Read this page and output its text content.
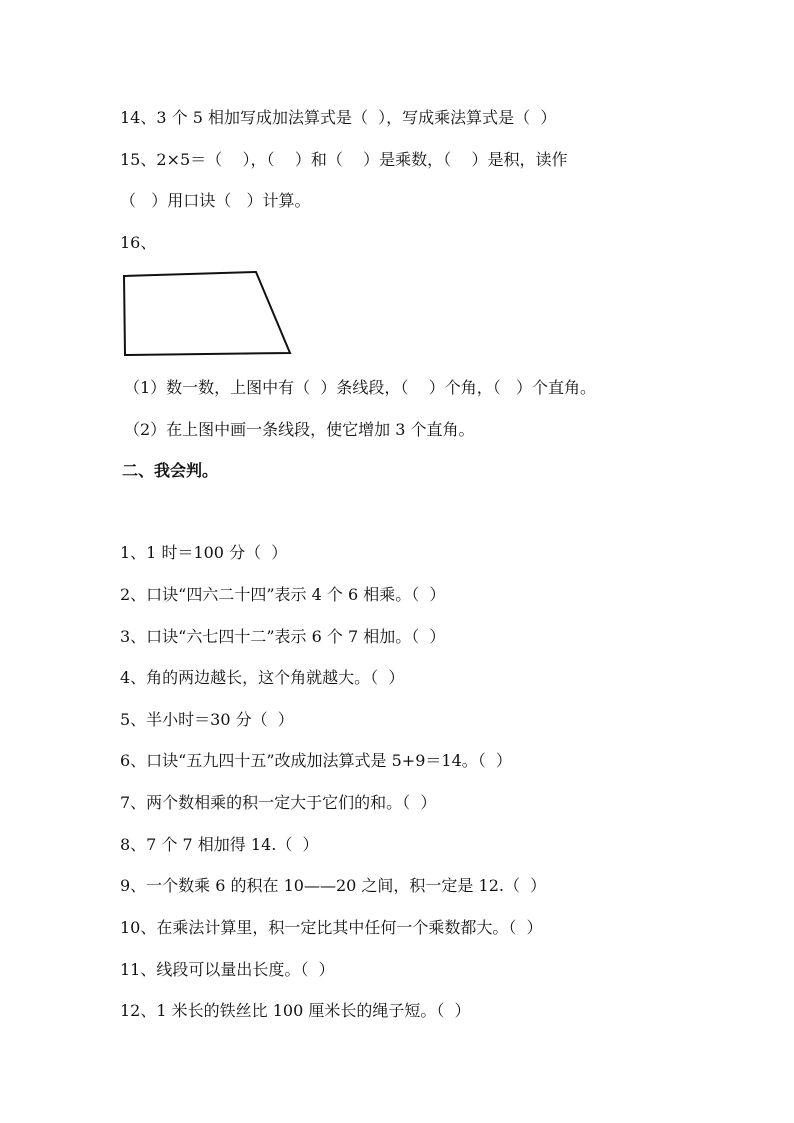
14、3 个 5 相加写成加法算式是（  ），写成乘法算式是（  ）
15、2×5＝（    ），（    ）和（    ）是乘数，（    ）是积，读作
（   ）用口诀（   ）计算。
16、
（1）数一数，上图中有（  ）条线段，（    ）个角，（   ）个直角。
（2）在上图中画一条线段，使它增加 3 个直角。
二、我会判。
1、1 时＝100 分（  ）
2、口诀“四六二十四”表示 4 个 6 相乘。（  ）
3、口诀“六七四十二”表示 6 个 7 相加。（  ）
4、角的两边越长，这个角就越大。（  ）
5、半小时＝30 分（  ）
6、口诀“五九四十五”改成加法算式是 5+9＝14。（  ）
7、两个数相乘的积一定大于它们的和。（  ）
8、7 个 7 相加得 14.（  ）
9、一个数乘 6 的积在 10——20 之间，积一定是 12.（  ）
10、在乘法计算里，积一定比其中任何一个乘数都大。（  ）
11、线段可以量出长度。（  ）
12、1 米长的铁丝比 100 厘米长的绳子短。（  ）
